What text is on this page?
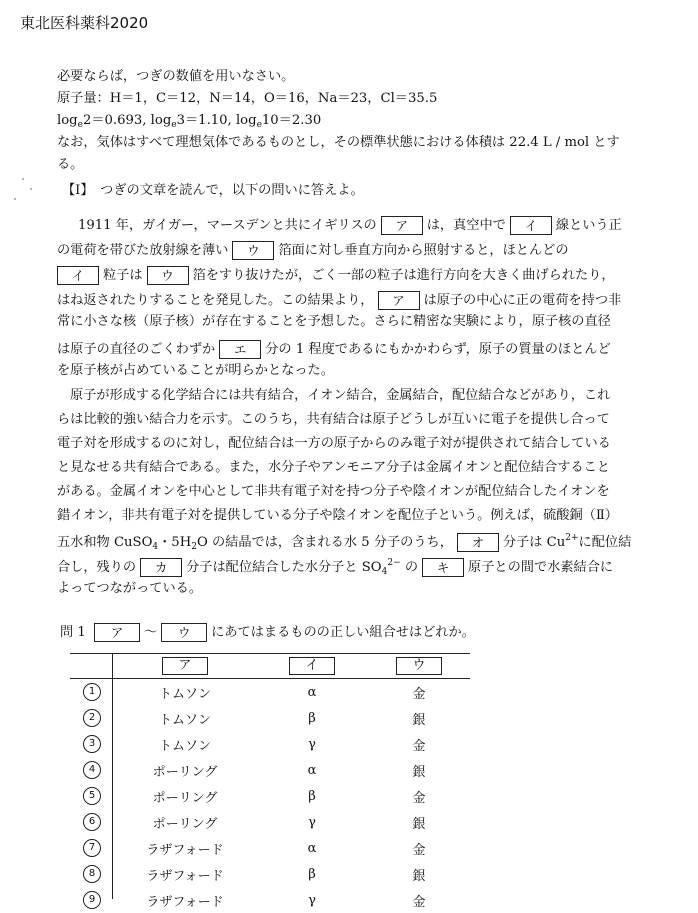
東北医科薬科2020
必要ならば，つぎの数値を用いなさい。
原子量：H＝1，C＝12，N＝14，O＝16，Na＝23，Cl＝35.5
$\log_e2=0.693$, $\log_e3=1.10$, $\log_e10=2.30$
なお，気体はすべて理想気体であるものとし，その標準状態における体積は 22.4 L / mol とす
る。
【Ⅰ】　つぎの文章を読んで，以下の問いに答えよ。
1911 年，ガイガー，マースデンと共にイギリスの ア は，真空中で イ 線という正
の電荷を帯びた放射線を薄い ウ 箔面に対し垂直方向から照射すると，ほとんどの
イ 粒子は ウ 箔をすり抜けたが，ごく一部の粒子は進行方向を大きく曲げられたり，
はね返されたりすることを発見した。この結果より， ア は原子の中心に正の電荷を持つ非
常に小さな核（原子核）が存在することを予想した。さらに精密な実験により，原子核の直径
は原子の直径のごくわずか エ 分の 1 程度であるにもかかわらず，原子の質量のほとんど
を原子核が占めていることが明らかとなった。
原子が形成する化学結合には共有結合，イオン結合，金属結合，配位結合などがあり，これ
らは比較的強い結合力を示す。このうち，共有結合は原子どうしが互いに電子を提供し合って
電子対を形成するのに対し，配位結合は一方の原子からのみ電子対が提供されて結合している
と見なせる共有結合である。また，水分子やアンモニア分子は金属イオンと配位結合すること
がある。金属イオンを中心として非共有電子対を持つ分子や陰イオンが配位結合したイオンを
錯イオン，非共有電子対を提供している分子や陰イオンを配位子という。例えば，硫酸銅（Ⅱ）
五水和物 CuSO$_4$・$5H_2O$ の結晶では，含まれる水 5 分子のうち， オ 分子は $Cu^{2+}$に配位結
合し，残りの カ 分子は配位結合した水分子と $SO_4^{2-}$ の キ 原子との間で水素結合に
よってつながっている。
問 1 ア 〜 ウ にあてはまるものの正しい組合せはどれか。
	ア	イ	ウ
1	トムソン	α	金
2	トムソン	β	銀
3	トムソン	γ	金
4	ポーリング	α	銀
5	ポーリング	β	金
6	ポーリング	γ	銀
7	ラザフォード	α	金
8	ラザフォード	β	銀
9	ラザフォード	γ	金
